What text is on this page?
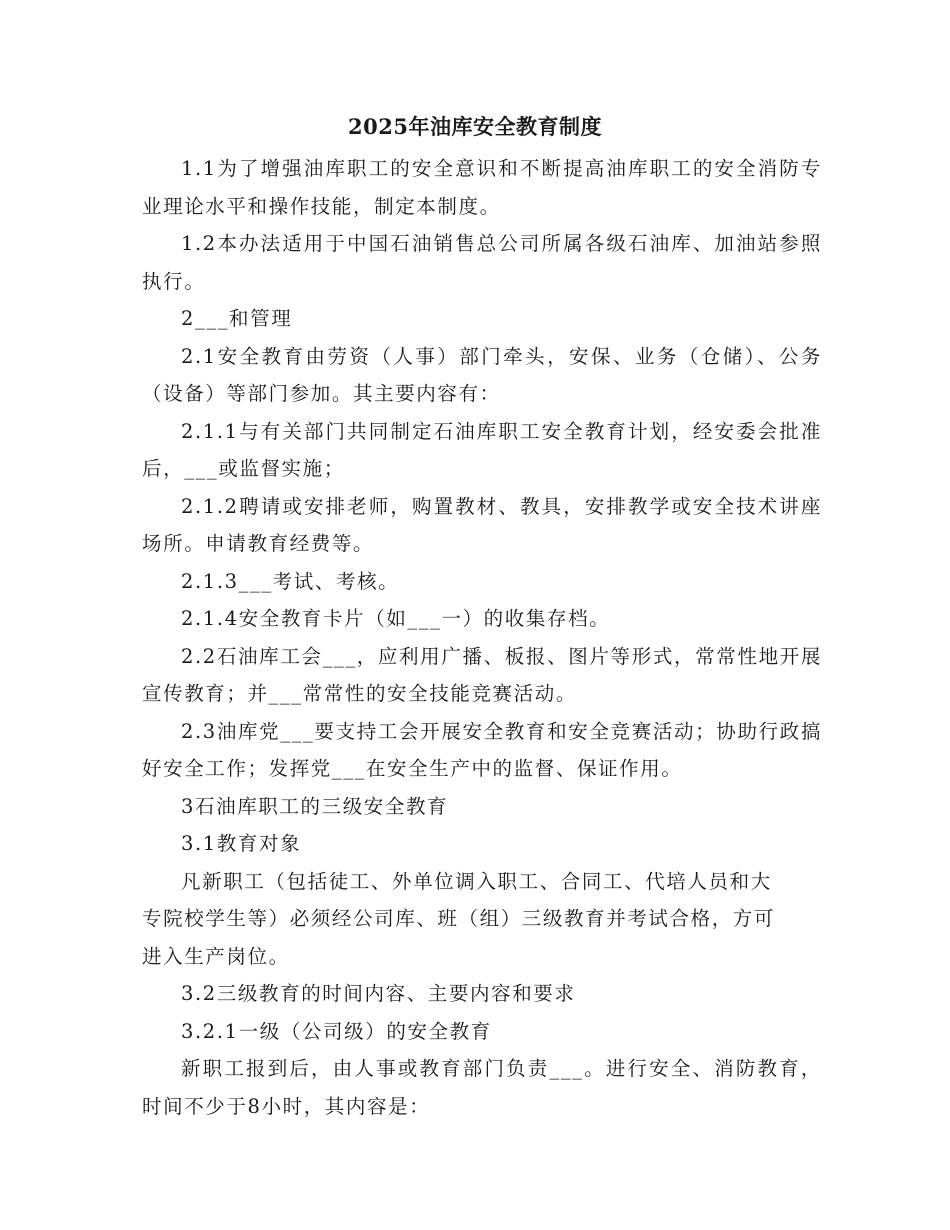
2025年油库安全教育制度

1.1为了增强油库职工的安全意识和不断提高油库职工的安全消防专业理论水平和操作技能，制定本制度。

1.2本办法适用于中国石油销售总公司所属各级石油库、加油站参照执行。

2___和管理

2.1安全教育由劳资（人事）部门牵头，安保、业务（仓储）、公务（设备）等部门参加。其主要内容有：

2.1.1与有关部门共同制定石油库职工安全教育计划，经安委会批准后，___或监督实施；

2.1.2聘请或安排老师，购置教材、教具，安排教学或安全技术讲座场所。申请教育经费等。

2.1.3___考试、考核。

2.1.4安全教育卡片（如___一）的收集存档。

2.2石油库工会___，应利用广播、板报、图片等形式，常常性地开展宣传教育；并___常常性的安全技能竞赛活动。

2.3油库党___要支持工会开展安全教育和安全竞赛活动；协助行政搞好安全工作；发挥党___在安全生产中的监督、保证作用。

3石油库职工的三级安全教育

3.1教育对象

凡新职工（包括徒工、外单位调入职工、合同工、代培人员和大
专院校学生等）必须经公司库、班（组）三级教育并考试合格，方可
进入生产岗位。

3.2三级教育的时间内容、主要内容和要求

3.2.1一级（公司级）的安全教育

新职工报到后，由人事或教育部门负责___。进行安全、消防教育，时间不少于8小时，其内容是：
